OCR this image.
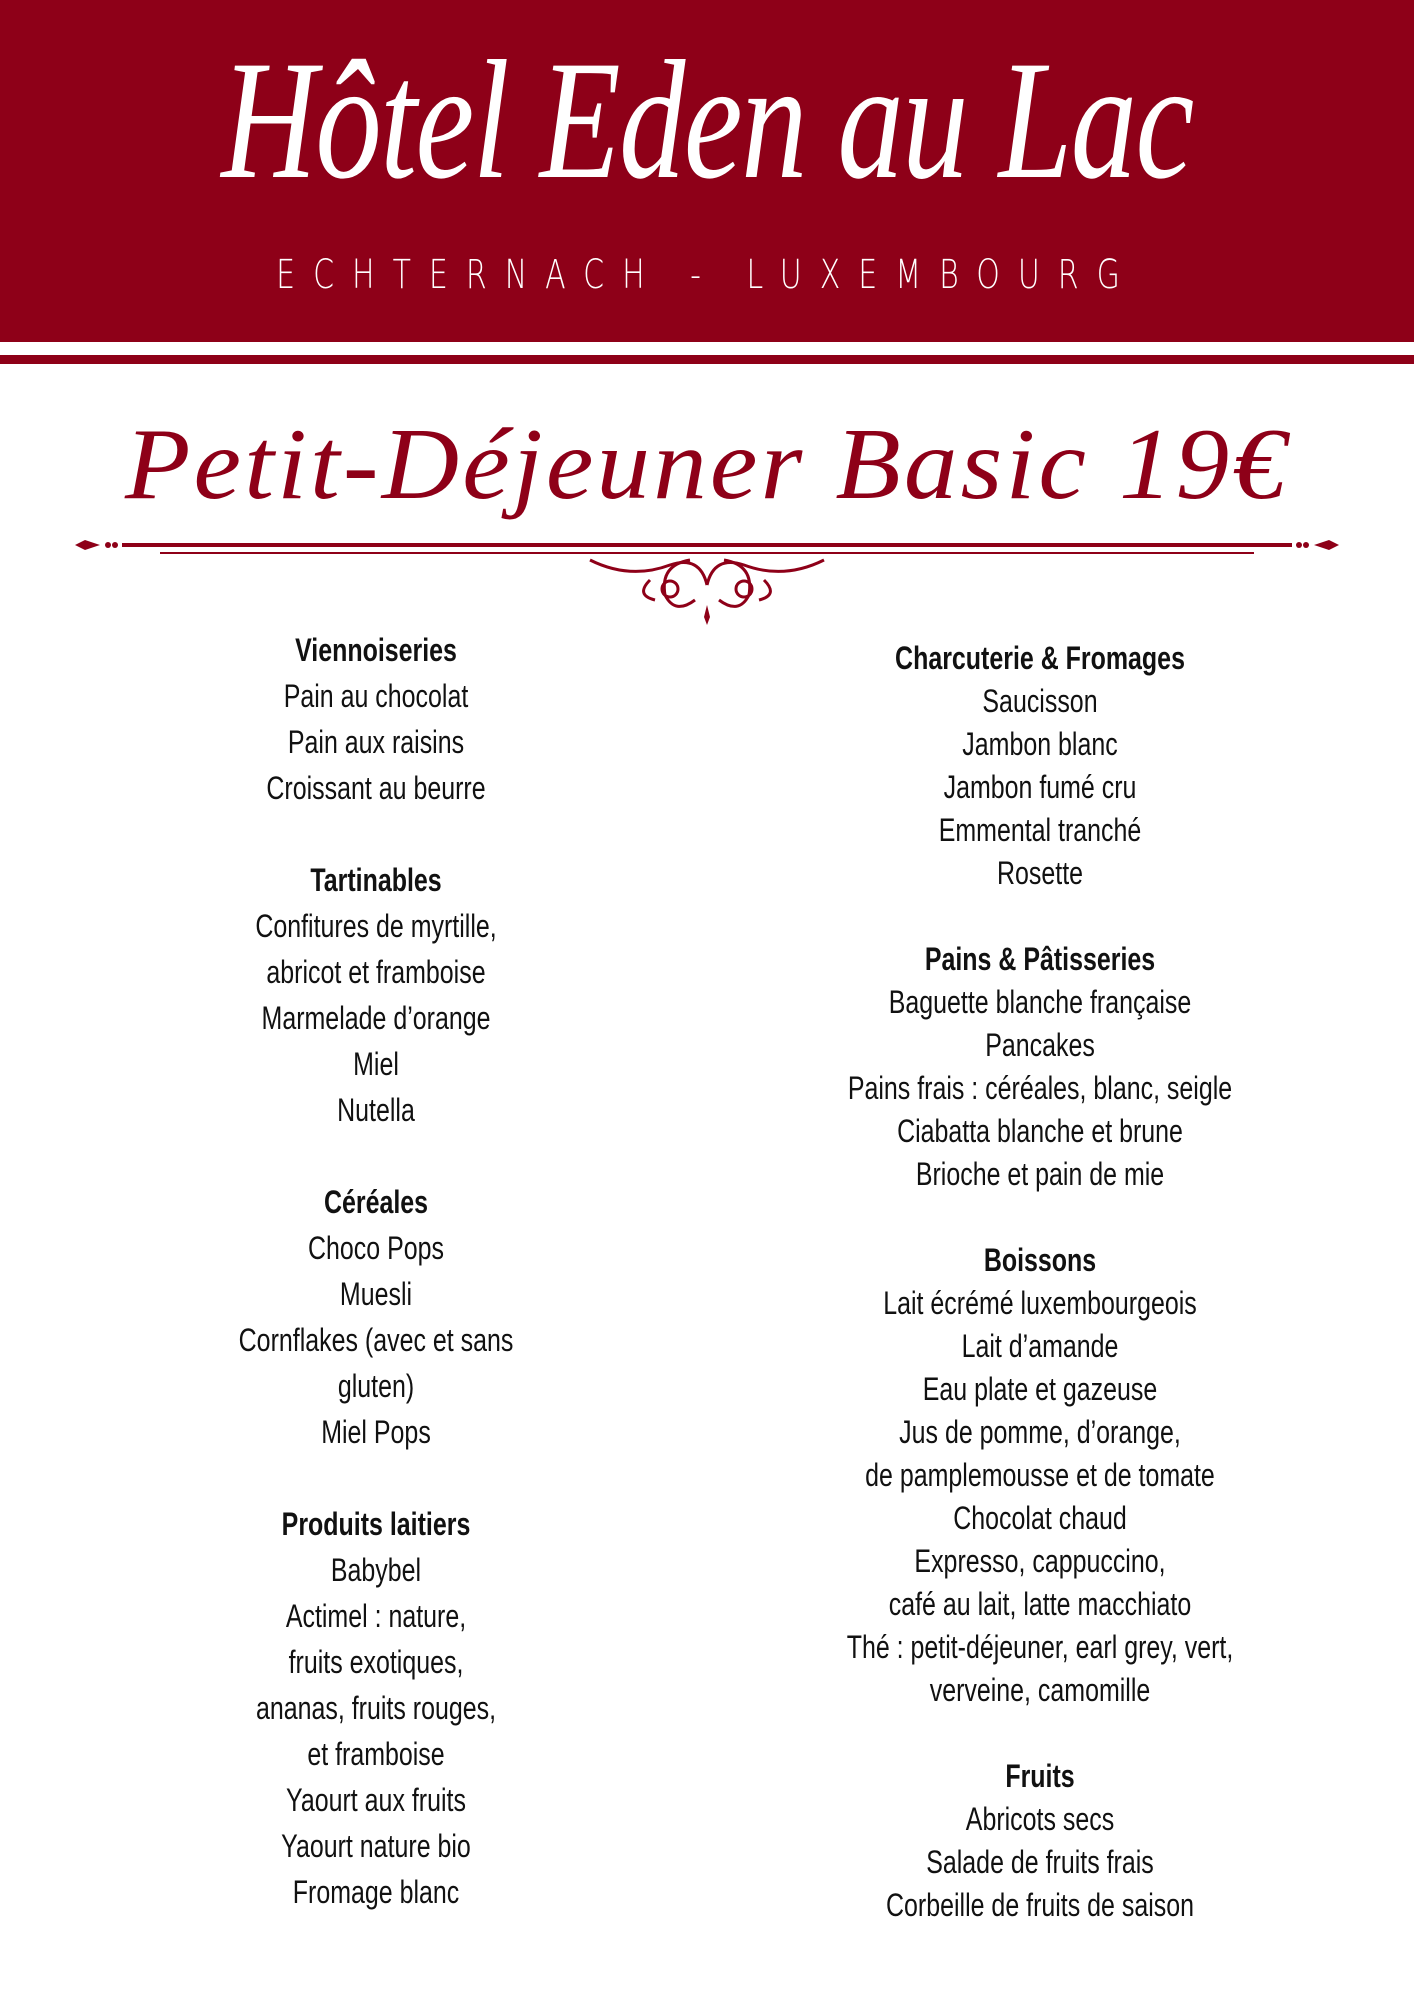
Hôtel Eden au Lac
ECHTERNACH - LUXEMBOURG
Petit-Déjeuner Basic 19€
Viennoiseries
Pain au chocolat
Pain aux raisins
Croissant au beurre
Tartinables
Confitures de myrtille,
abricot et framboise
Marmelade d’orange
Miel
Nutella
Céréales
Choco Pops
Muesli
Cornflakes (avec et sans
gluten)
Miel Pops
Produits laitiers
Babybel
Actimel : nature,
fruits exotiques,
ananas, fruits rouges,
et framboise
Yaourt aux fruits
Yaourt nature bio
Fromage blanc
Charcuterie & Fromages
Saucisson
Jambon blanc
Jambon fumé cru
Emmental tranché
Rosette
Pains & Pâtisseries
Baguette blanche française
Pancakes
Pains frais : céréales, blanc, seigle
Ciabatta blanche et brune
Brioche et pain de mie
Boissons
Lait écrémé luxembourgeois
Lait d’amande
Eau plate et gazeuse
Jus de pomme, d’orange,
de pamplemousse et de tomate
Chocolat chaud
Expresso, cappuccino,
café au lait, latte macchiato
Thé : petit-déjeuner, earl grey, vert,
verveine, camomille
Fruits
Abricots secs
Salade de fruits frais
Corbeille de fruits de saison
